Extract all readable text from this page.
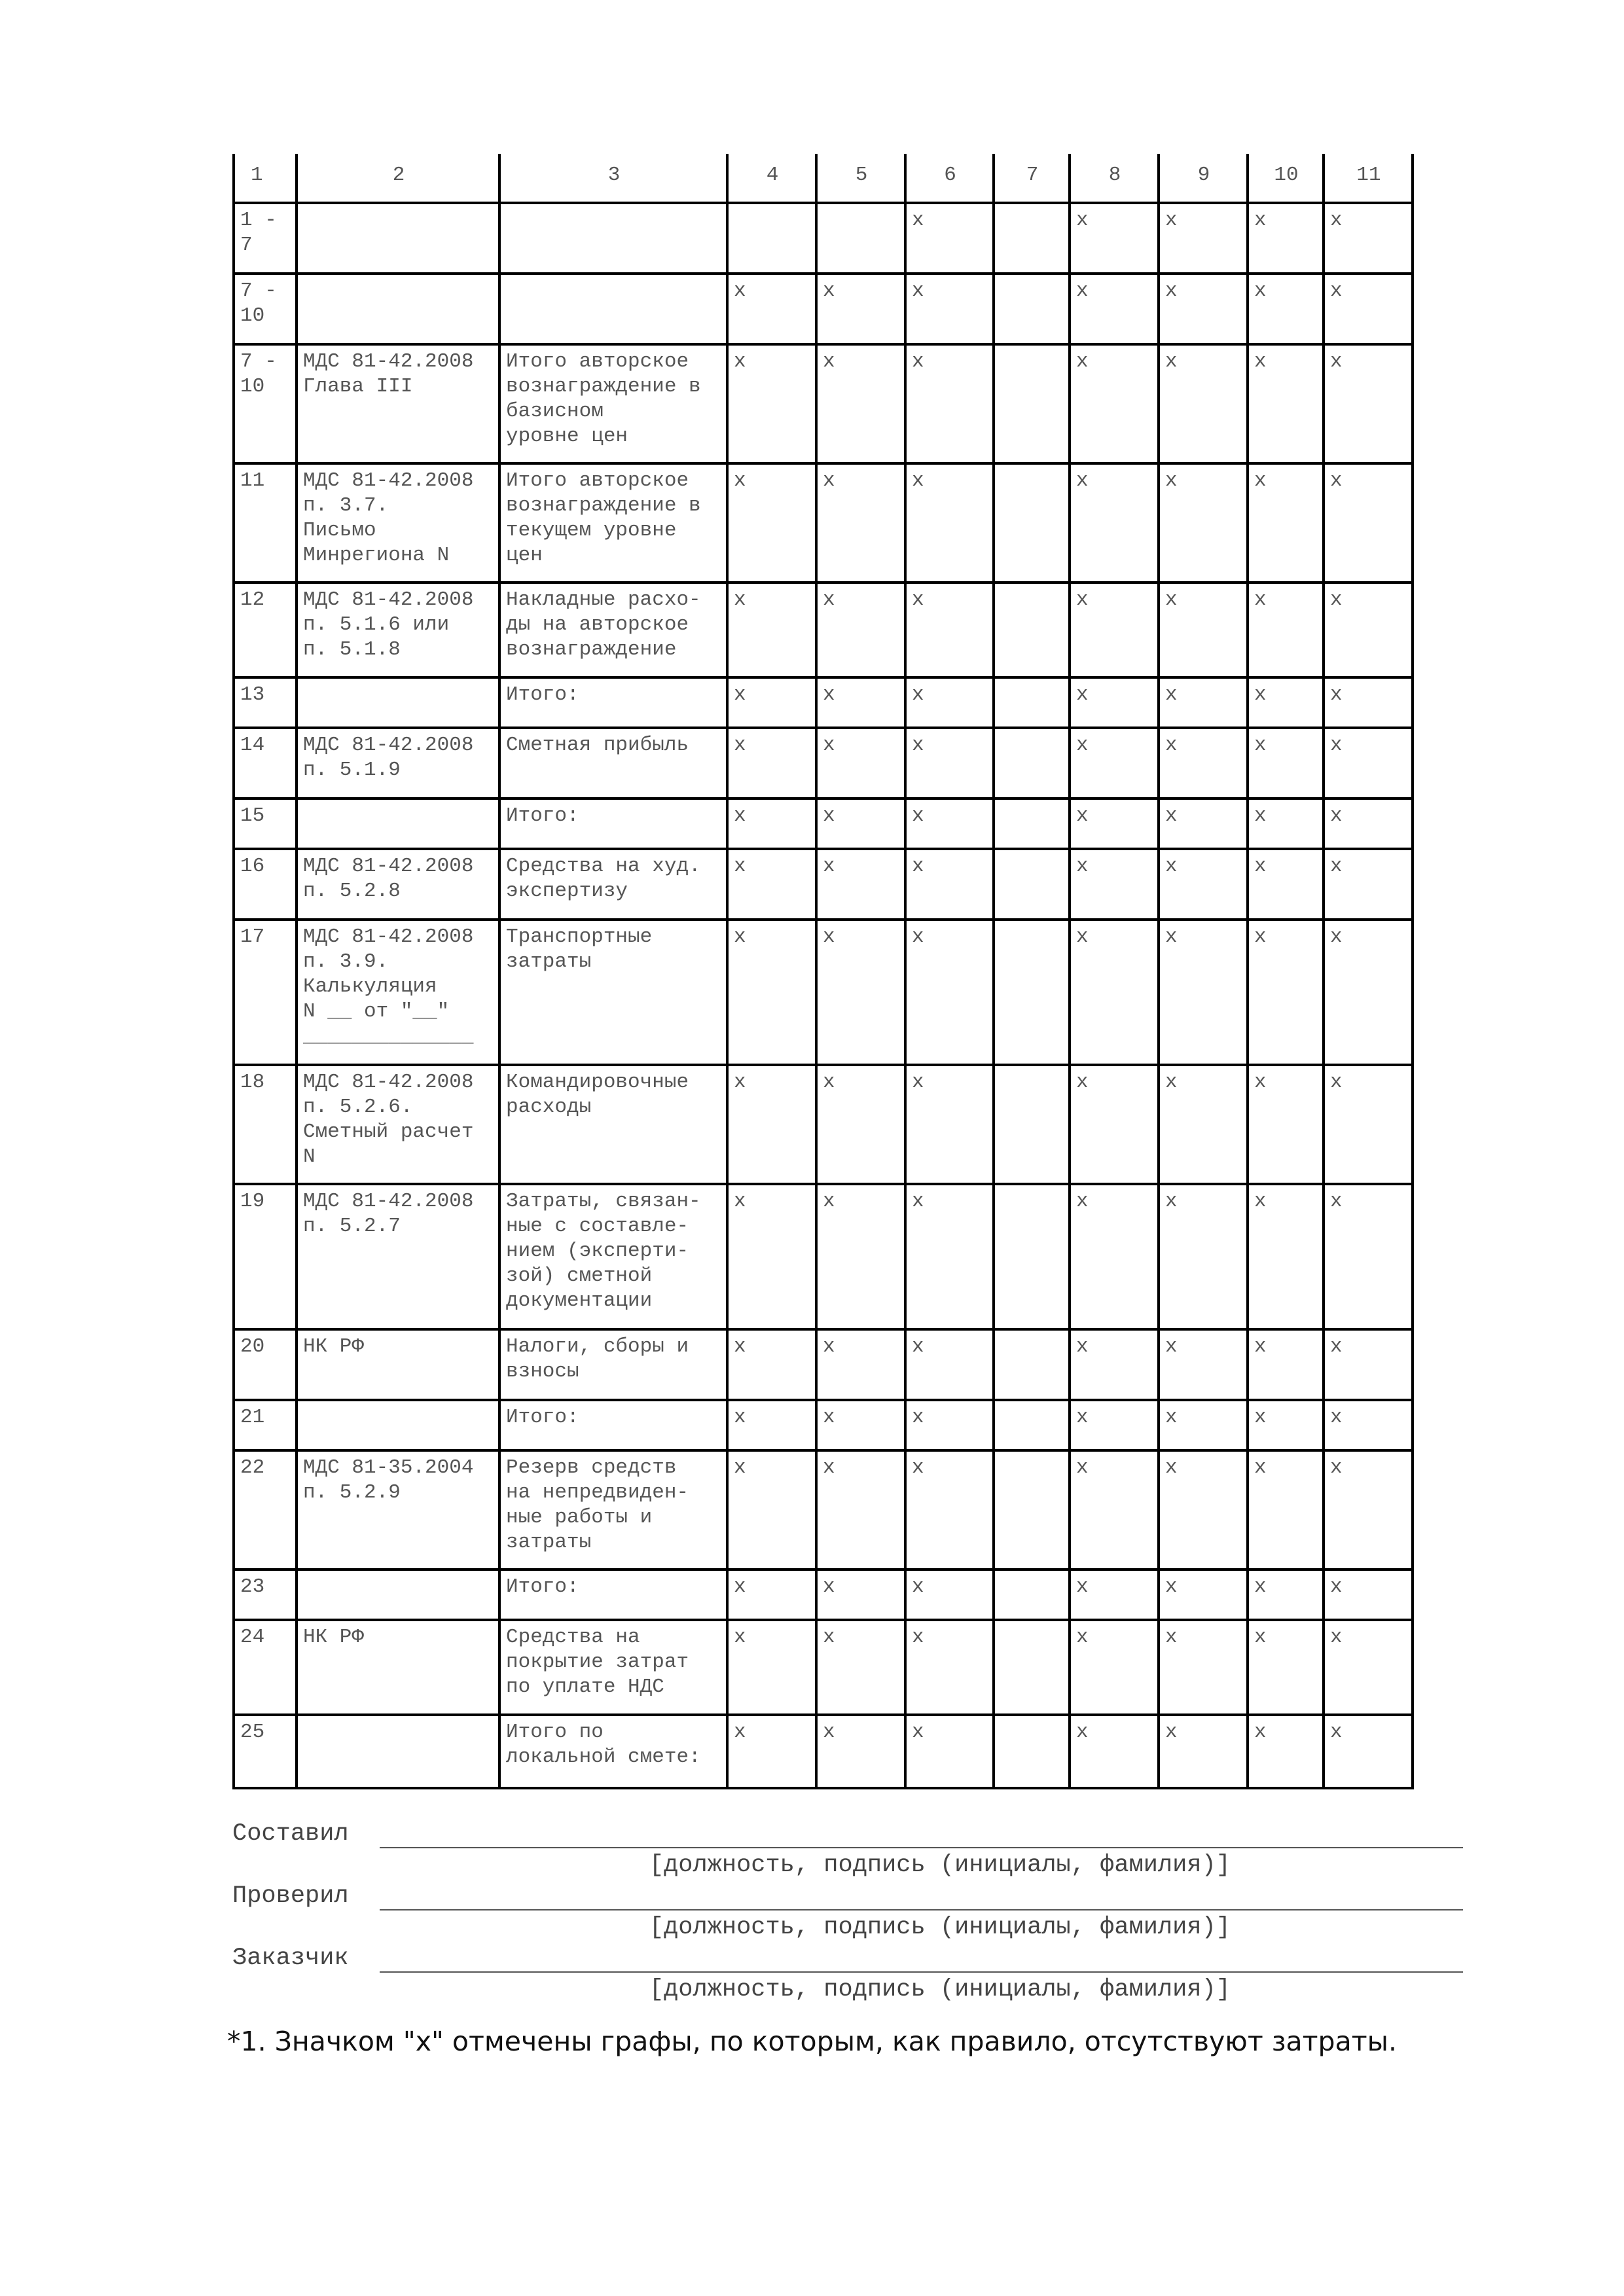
1	2	3	4	5	6	7	8	9	10	11
1 -
7					x		x	x	x	x
7 -
10			x	x	x		x	x	x	x
7 -
10	МДС 81-42.2008
Глава III	Итого авторское
вознаграждение в
базисном
уровне цен	x	x	x		x	x	x	x
11	МДС 81-42.2008
п. 3.7.
Письмо
Минрегиона N	Итого авторское
вознаграждение в
текущем уровне
цен	x	x	x		x	x	x	x
12	МДС 81-42.2008
п. 5.1.6 или
п. 5.1.8	Накладные расхо-
ды на авторское
вознаграждение	x	x	x		x	x	x	x
13		Итого:	x	x	x		x	x	x	x
14	МДС 81-42.2008
п. 5.1.9	Сметная прибыль	x	x	x		x	x	x	x
15		Итого:	x	x	x		x	x	x	x
16	МДС 81-42.2008
п. 5.2.8	Средства на худ.
экспертизу	x	x	x		x	x	x	x
17	МДС 81-42.2008
п. 3.9.
Калькуляция
N __ от "__"
______________	Транспортные
затраты	x	x	x		x	x	x	x
18	МДС 81-42.2008
п. 5.2.6.
Сметный расчет
N	Командировочные
расходы	x	x	x		x	x	x	x
19	МДС 81-42.2008
п. 5.2.7	Затраты, связан-
ные с составле-
нием (эксперти-
зой) сметной
документации	x	x	x		x	x	x	x
20	НК РФ	Налоги, сборы и
взносы	x	x	x		x	x	x	x
21		Итого:	x	x	x		x	x	x	x
22	МДС 81-35.2004
п. 5.2.9	Резерв средств
на непредвиден-
ные работы и
затраты	x	x	x		x	x	x	x
23		Итого:	x	x	x		x	x	x	x
24	НК РФ	Средства на
покрытие затрат
по уплате НДС	x	x	x		x	x	x	x
25		Итого по
локальной смете:	x	x	x		x	x	x	x
Составил
[должность, подпись (инициалы, фамилия)]
Проверил
[должность, подпись (инициалы, фамилия)]
Заказчик
[должность, подпись (инициалы, фамилия)]
*1. Значком "x" отмечены графы, по которым, как правило, отсутствуют затраты.
